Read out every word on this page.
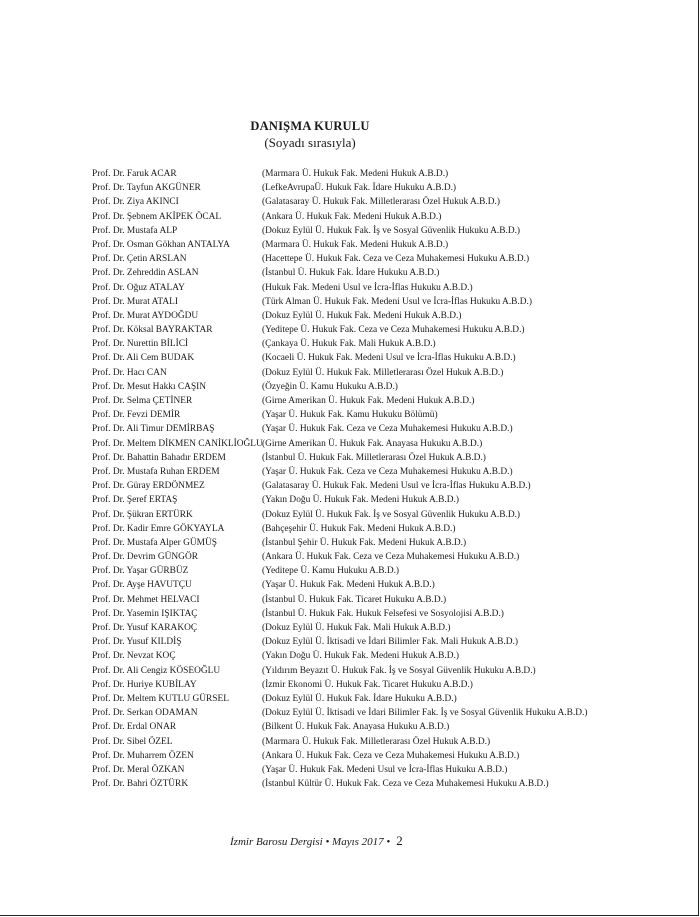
DANIŞMA KURULU
(Soyadı sırasıyla)
Prof. Dr. Faruk ACAR	(Marmara Ü. Hukuk Fak. Medeni Hukuk A.B.D.)
Prof. Dr. Tayfun AKGÜNER	(LefkeAvrupaÜ. Hukuk Fak. İdare Hukuku A.B.D.)
Prof. Dr. Ziya AKINCI	(Galatasaray Ü. Hukuk Fak. Milletlerarası Özel Hukuk A.B.D.)
Prof. Dr. Şebnem AKİPEK ÖCAL	(Ankara Ü. Hukuk Fak. Medeni Hukuk A.B.D.)
Prof. Dr. Mustafa ALP	(Dokuz Eylül Ü. Hukuk Fak. İş ve Sosyal Güvenlik Hukuku A.B.D.)
Prof. Dr. Osman Gökhan ANTALYA	(Marmara Ü. Hukuk Fak. Medeni Hukuk A.B.D.)
Prof. Dr. Çetin ARSLAN	(Hacettepe Ü. Hukuk Fak. Ceza ve Ceza Muhakemesi Hukuku A.B.D.)
Prof. Dr. Zehreddin ASLAN	(İstanbul Ü. Hukuk Fak. İdare Hukuku A.B.D.)
Prof. Dr. Oğuz ATALAY	(Hukuk Fak. Medeni Usul ve İcra-İflas Hukuku A.B.D.)
Prof. Dr. Murat ATALI	(Türk Alman Ü. Hukuk Fak. Medeni Usul ve İcra-İflas Hukuku A.B.D.)
Prof. Dr. Murat AYDOĞDU	(Dokuz Eylül Ü. Hukuk Fak. Medeni Hukuk A.B.D.)
Prof. Dr. Köksal BAYRAKTAR	(Yeditepe Ü. Hukuk Fak. Ceza ve Ceza Muhakemesi Hukuku A.B.D.)
Prof. Dr. Nurettin BİLİCİ	(Çankaya Ü. Hukuk Fak. Mali Hukuk A.B.D.)
Prof. Dr. Ali Cem BUDAK	(Kocaeli Ü. Hukuk Fak. Medeni Usul ve İcra-İflas Hukuku A.B.D.)
Prof. Dr. Hacı CAN	(Dokuz Eylül Ü. Hukuk Fak. Milletlerarası Özel Hukuk A.B.D.)
Prof. Dr. Mesut Hakkı CAŞIN	(Özyeğin Ü. Kamu Hukuku A.B.D.)
Prof. Dr. Selma ÇETİNER	(Girne Amerikan Ü. Hukuk Fak. Medeni Hukuk A.B.D.)
Prof. Dr. Fevzi DEMİR	(Yaşar Ü. Hukuk Fak. Kamu Hukuku Bölümü)
Prof. Dr. Ali Timur DEMİRBAŞ	(Yaşar Ü. Hukuk Fak. Ceza ve Ceza Muhakemesi Hukuku A.B.D.)
Prof. Dr. Meltem DİKMEN CANİKLİOĞLU (Girne Amerikan Ü. Hukuk Fak. Anayasa Hukuku A.B.D.)
Prof. Dr. Bahattin Bahadır ERDEM	(İstanbul Ü. Hukuk Fak. Milletlerarası Özel Hukuk A.B.D.)
Prof. Dr. Mustafa Ruhan ERDEM	(Yaşar Ü. Hukuk Fak. Ceza ve Ceza Muhakemesi Hukuku A.B.D.)
Prof. Dr. Güray ERDÖNMEZ	(Galatasaray Ü. Hukuk Fak. Medeni Usul ve İcra-İflas Hukuku A.B.D.)
Prof. Dr. Şeref ERTAŞ	(Yakın Doğu Ü. Hukuk Fak. Medeni Hukuk A.B.D.)
Prof. Dr. Şükran ERTÜRK	(Dokuz Eylül Ü. Hukuk Fak. İş ve Sosyal Güvenlik Hukuku A.B.D.)
Prof. Dr. Kadir Emre GÖKYAYLA	(Bahçeşehir Ü. Hukuk Fak. Medeni Hukuk A.B.D.)
Prof. Dr. Mustafa Alper GÜMÜŞ	(İstanbul Şehir Ü. Hukuk Fak. Medeni Hukuk A.B.D.)
Prof. Dr. Devrim GÜNGÖR	(Ankara Ü. Hukuk Fak. Ceza ve Ceza Muhakemesi Hukuku A.B.D.)
Prof. Dr. Yaşar GÜRBÜZ	(Yeditepe Ü. Kamu Hukuku A.B.D.)
Prof. Dr. Ayşe HAVUTÇU	(Yaşar Ü. Hukuk Fak. Medeni Hukuk A.B.D.)
Prof. Dr. Mehmet HELVACI	(İstanbul Ü. Hukuk Fak. Ticaret Hukuku A.B.D.)
Prof. Dr. Yasemin IŞIKTAÇ	(İstanbul Ü. Hukuk Fak. Hukuk Felsefesi ve Sosyolojisi A.B.D.)
Prof. Dr. Yusuf KARAKOÇ	(Dokuz Eylül Ü. Hukuk Fak. Mali Hukuk A.B.D.)
Prof. Dr. Yusuf KILDİŞ	(Dokuz Eylül Ü. İktisadi ve İdari Bilimler Fak. Mali Hukuk A.B.D.)
Prof. Dr. Nevzat KOÇ	(Yakın Doğu Ü. Hukuk Fak. Medeni Hukuk A.B.D.)
Prof. Dr. Ali Cengiz KÖSEOĞLU	(Yıldırım Beyazıt Ü. Hukuk Fak. İş ve Sosyal Güvenlik Hukuku A.B.D.)
Prof. Dr. Huriye KUBİLAY	(İzmir Ekonomi Ü. Hukuk Fak. Ticaret Hukuku A.B.D.)
Prof. Dr. Meltem KUTLU GÜRSEL	(Dokuz Eylül Ü. Hukuk Fak. İdare Hukuku A.B.D.)
Prof. Dr. Serkan ODAMAN	(Dokuz Eylül Ü. İktisadi ve İdari Bilimler Fak. İş ve Sosyal Güvenlik Hukuku A.B.D.)
Prof. Dr. Erdal ONAR	(Bilkent Ü. Hukuk Fak. Anayasa Hukuku A.B.D.)
Prof. Dr. Sibel ÖZEL	(Marmara Ü. Hukuk Fak. Milletlerarası Özel Hukuk A.B.D.)
Prof. Dr. Muharrem ÖZEN	(Ankara Ü. Hukuk Fak. Ceza ve Ceza Muhakemesi Hukuku A.B.D.)
Prof. Dr. Meral ÖZKAN	(Yaşar Ü. Hukuk Fak. Medeni Usul ve İcra-İflas Hukuku A.B.D.)
Prof. Dr. Bahri ÖZTÜRK	(İstanbul Kültür Ü. Hukuk Fak. Ceza ve Ceza Muhakemesi Hukuku A.B.D.)
İzmir Barosu Dergisi • Mayıs 2017 • 2
